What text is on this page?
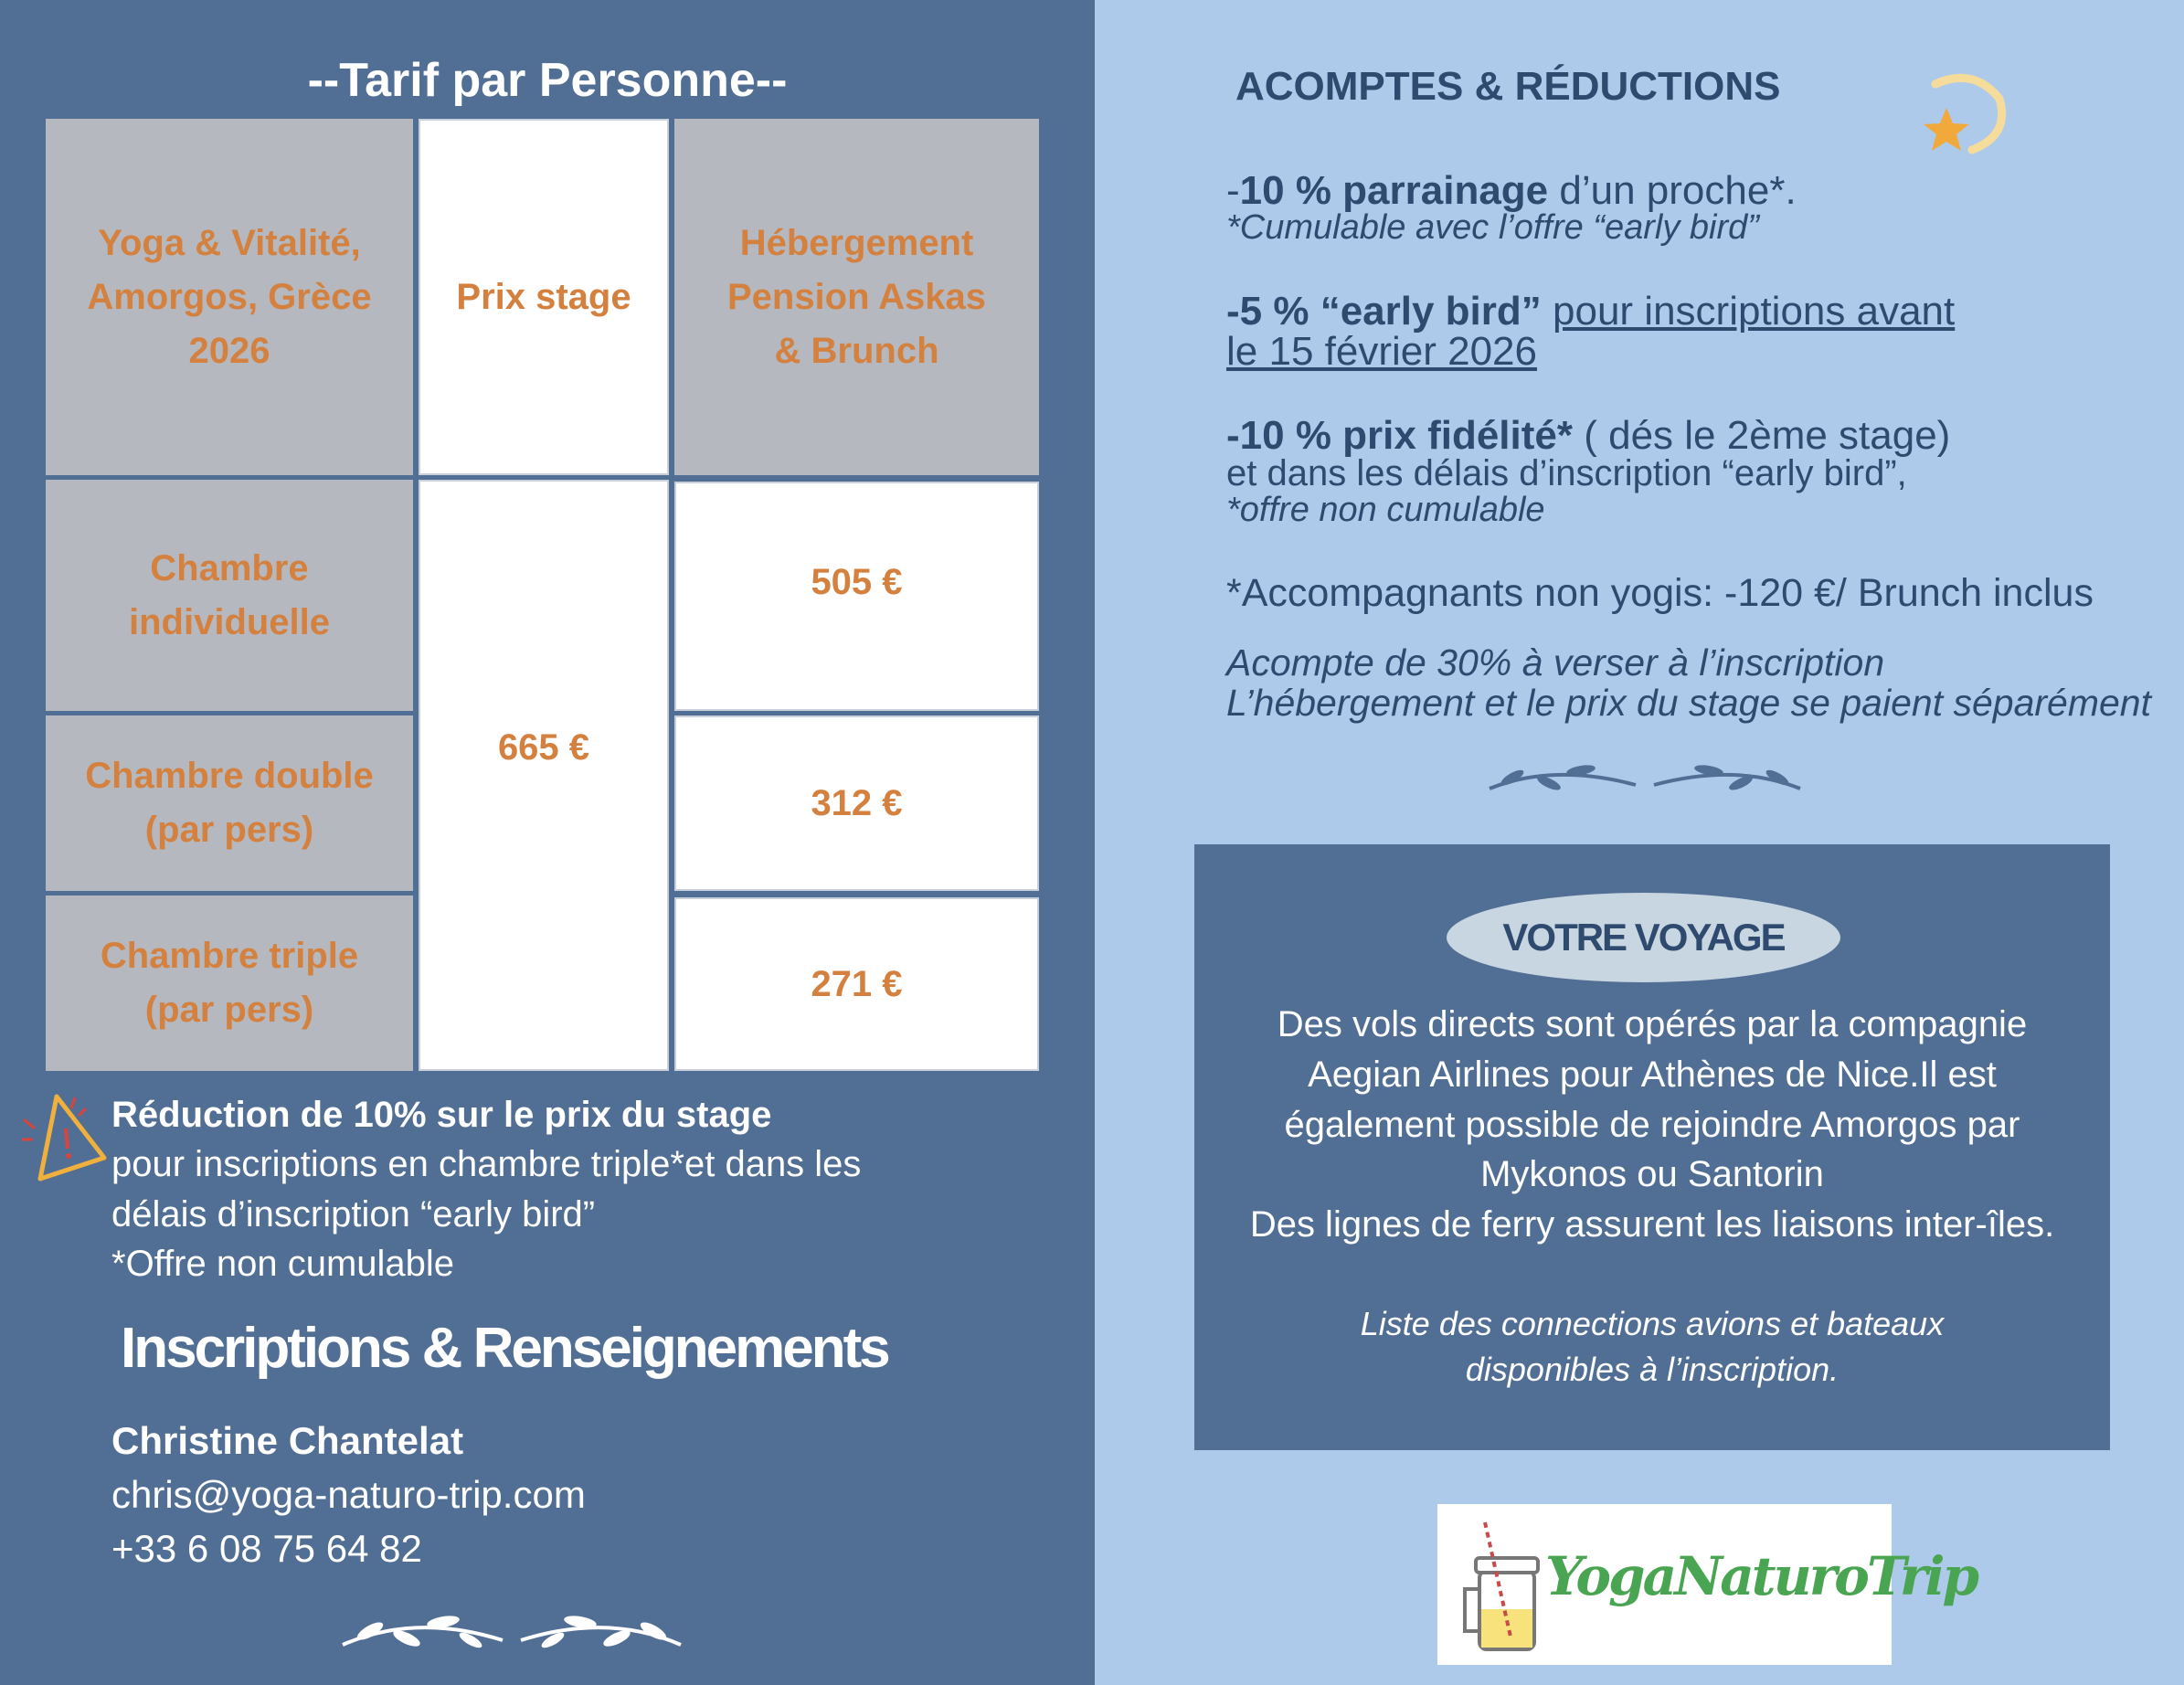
--Tarif par Personne--
Yoga & Vitalité, Amorgos, Grèce 2026
Prix stage
Hébergement Pension Askas & Brunch
Chambre individuelle
Chambre double (par pers)
Chambre triple (par pers)
665 €
505 €
312 €
271 €
Réduction de 10% sur le prix du stage
pour inscriptions en chambre triple*et dans les
délais d’inscription “early bird”
*Offre non cumulable
Inscriptions & Renseignements
Christine Chantelat
chris@yoga-naturo-trip.com
+33 6 08 75 64 82
ACOMPTES & RÉDUCTIONS
-10 % parrainage d’un proche*.
*Cumulable avec l’offre “early bird”
-5 % “early bird” pour inscriptions avant
le 15 février 2026
-10 % prix fidélité* ( dés le 2ème stage)
et dans les délais d’inscription “early bird”,
*offre non cumulable
*Accompagnants non yogis: -120 €/ Brunch inclus
Acompte de 30% à verser à l’inscription
L’hébergement et le prix du stage se paient séparément
VOTRE VOYAGE
Des vols directs sont opérés par la compagnie
Aegian Airlines pour Athènes de Nice.Il est
également possible de rejoindre Amorgos par
Mykonos ou Santorin
Des lignes de ferry assurent les liaisons inter-îles.
Liste des connections avions et bateaux
disponibles à l’inscription.
YogaNaturoTrip
